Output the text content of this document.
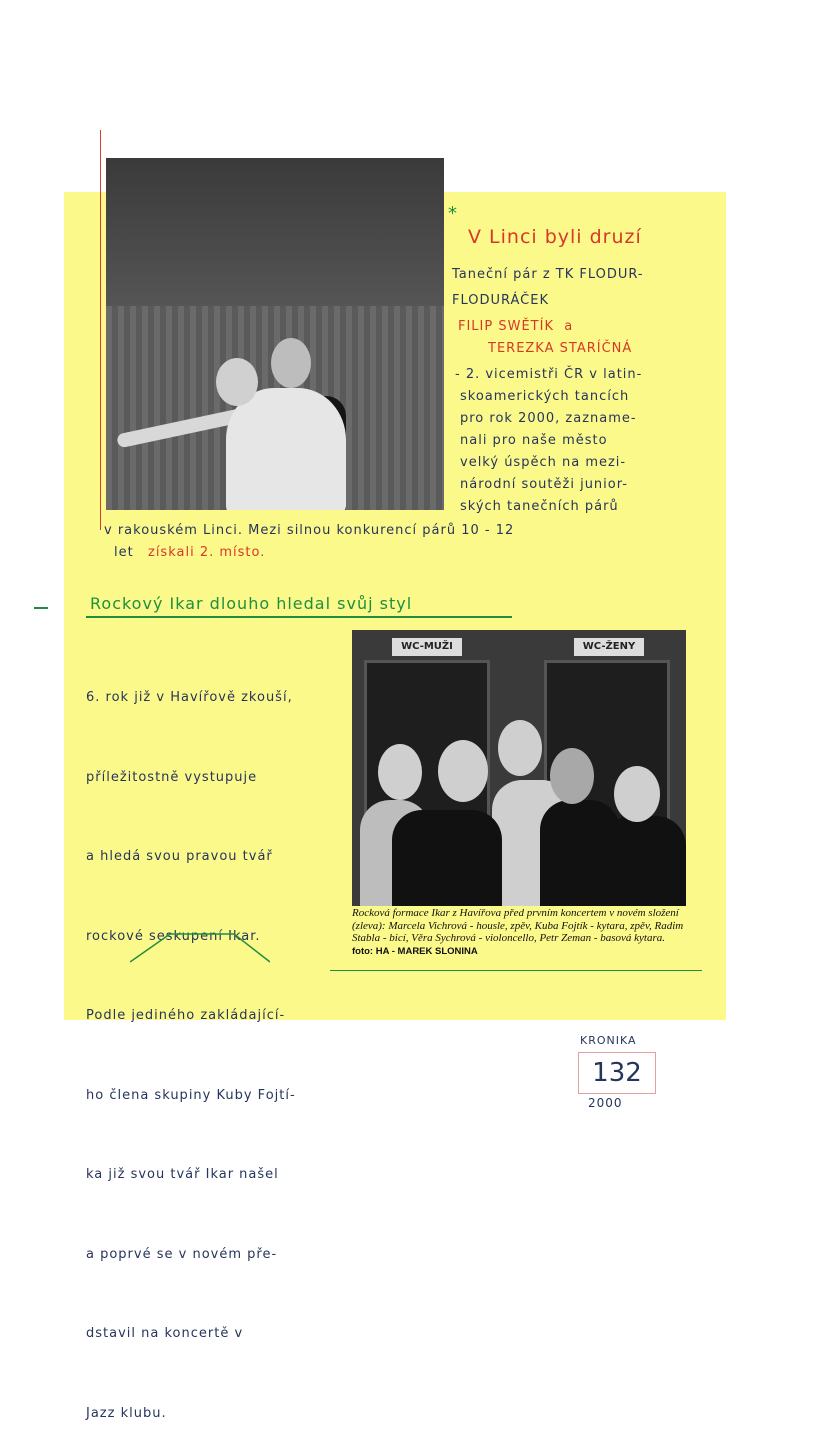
*
V Linci byli druzí
Taneční pár z TK FLODUR-
FLODURÁČEK
FILIP SWĚTÍK  a
TEREZKA STARÍČNÁ
- 2. vicemistři ČR v latin-
skoamerických tancích
pro rok 2000, zazname-
nali pro naše město
velký úspěch na mezi-
národní soutěži junior-
ských tanečních párů
v rakouském Linci. Mezi silnou konkurencí párů 10 - 12
let získali 2. místo.
Rockový Ikar dlouho hledal svůj styl

6. rok již v Havířově zkouší,

příležitostně vystupuje

a hledá svou pravou tvář

rockové seskupení Ikar.

Podle jediného zakládající-

ho člena skupiny Kuby Fojtí-

ka již svou tvář Ikar našel

a poprvé se v novém pře-

dstavil na koncertě v

Jazz klubu.

WC-MUŽI	WC-ŽENY
Rocková formace Ikar z Havířova před prvním koncertem v novém složení (zleva): Marcela Vichrová - housle, zpěv, Kuba Fojtík - kytara, zpěv, Radim Stabla - bicí, Věra Sychrová - violoncello, Petr Zeman - basová kytara. foto: HA - MAREK SLONINA
KRONIKA
132
2000
